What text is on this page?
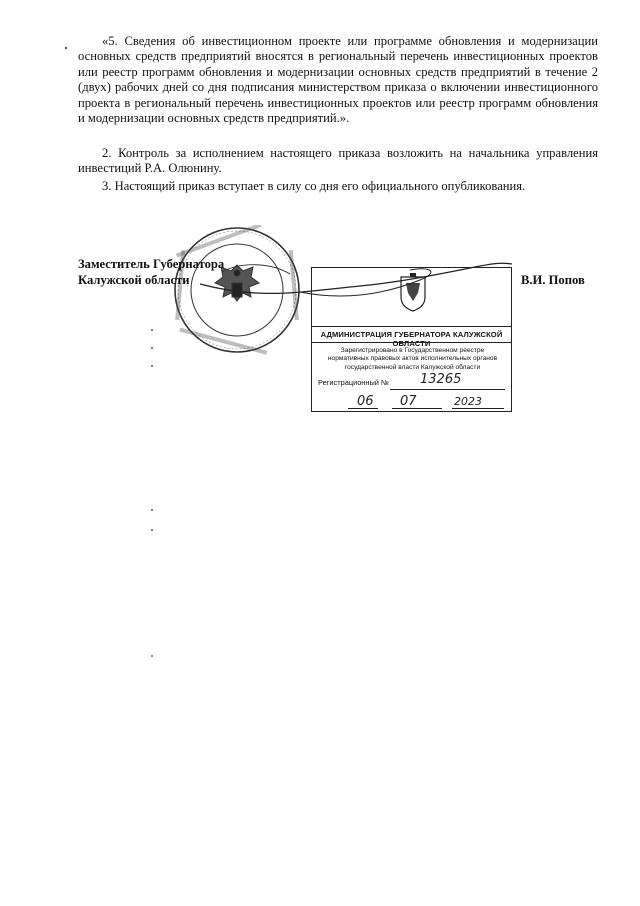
«5. Сведения об инвестиционном проекте или программе обновления и модернизации основных средств предприятий вносятся в региональный перечень инвестиционных проектов или реестр программ обновления и модернизации основных средств предприятий в течение 2 (двух) рабочих дней со дня подписания министерством приказа о включении инвестиционного проекта в региональный перечень инвестиционных проектов или реестр программ обновления и модернизации основных средств предприятий.».

2. Контроль за исполнением настоящего приказа возложить на начальника управления инвестиций Р.А. Олюнину.

3. Настоящий приказ вступает в силу со дня его официального опубликования.

Заместитель Губернатора
Калужской области	В.И. Попов
АДМИНИСТРАЦИЯ ГУБЕРНАТОРА КАЛУЖСКОЙ ОБЛАСТИ
Зарегистрировано в Государственном реестре нормативных правовых актов исполнительных органов государственной власти Калужской области
Регистрационный № 13265
06 07	2023
